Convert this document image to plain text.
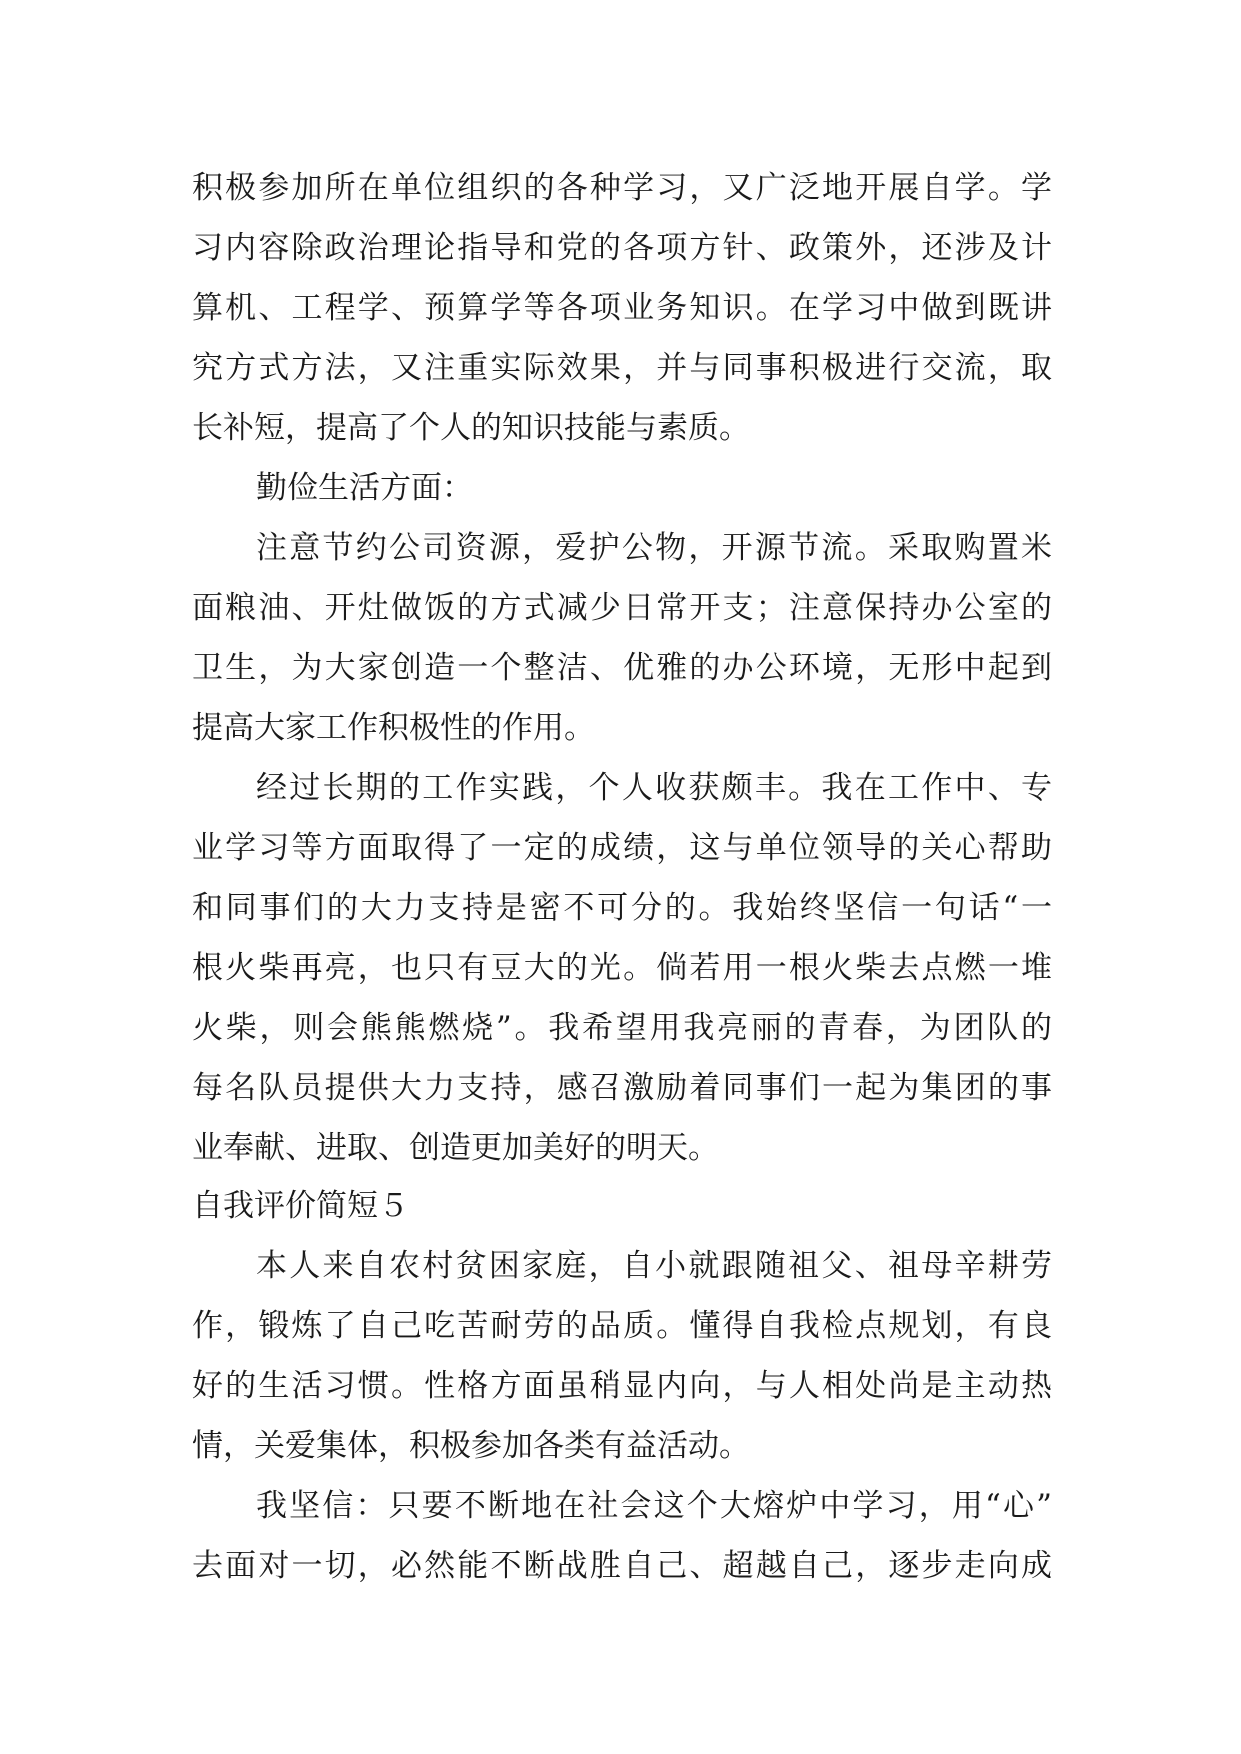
积极参加所在单位组织的各种学习，又广泛地开展自学。学
习内容除政治理论指导和党的各项方针、政策外，还涉及计
算机、工程学、预算学等各项业务知识。在学习中做到既讲
究方式方法，又注重实际效果，并与同事积极进行交流，取
长补短，提高了个人的知识技能与素质。
勤俭生活方面：
注意节约公司资源，爱护公物，开源节流。采取购置米
面粮油、开灶做饭的方式减少日常开支；注意保持办公室的
卫生，为大家创造一个整洁、优雅的办公环境，无形中起到
提高大家工作积极性的作用。
经过长期的工作实践，个人收获颇丰。我在工作中、专
业学习等方面取得了一定的成绩，这与单位领导的关心帮助
和同事们的大力支持是密不可分的。我始终坚信一句话“一
根火柴再亮，也只有豆大的光。倘若用一根火柴去点燃一堆
火柴，则会熊熊燃烧”。我希望用我亮丽的青春，为团队的
每名队员提供大力支持，感召激励着同事们一起为集团的事
业奉献、进取、创造更加美好的明天。
自我评价简短５
本人来自农村贫困家庭，自小就跟随祖父、祖母辛耕劳
作，锻炼了自己吃苦耐劳的品质。懂得自我检点规划，有良
好的生活习惯。性格方面虽稍显内向，与人相处尚是主动热
情，关爱集体，积极参加各类有益活动。
我坚信：只要不断地在社会这个大熔炉中学习，用“心”
去面对一切，必然能不断战胜自己、超越自己，逐步走向成
